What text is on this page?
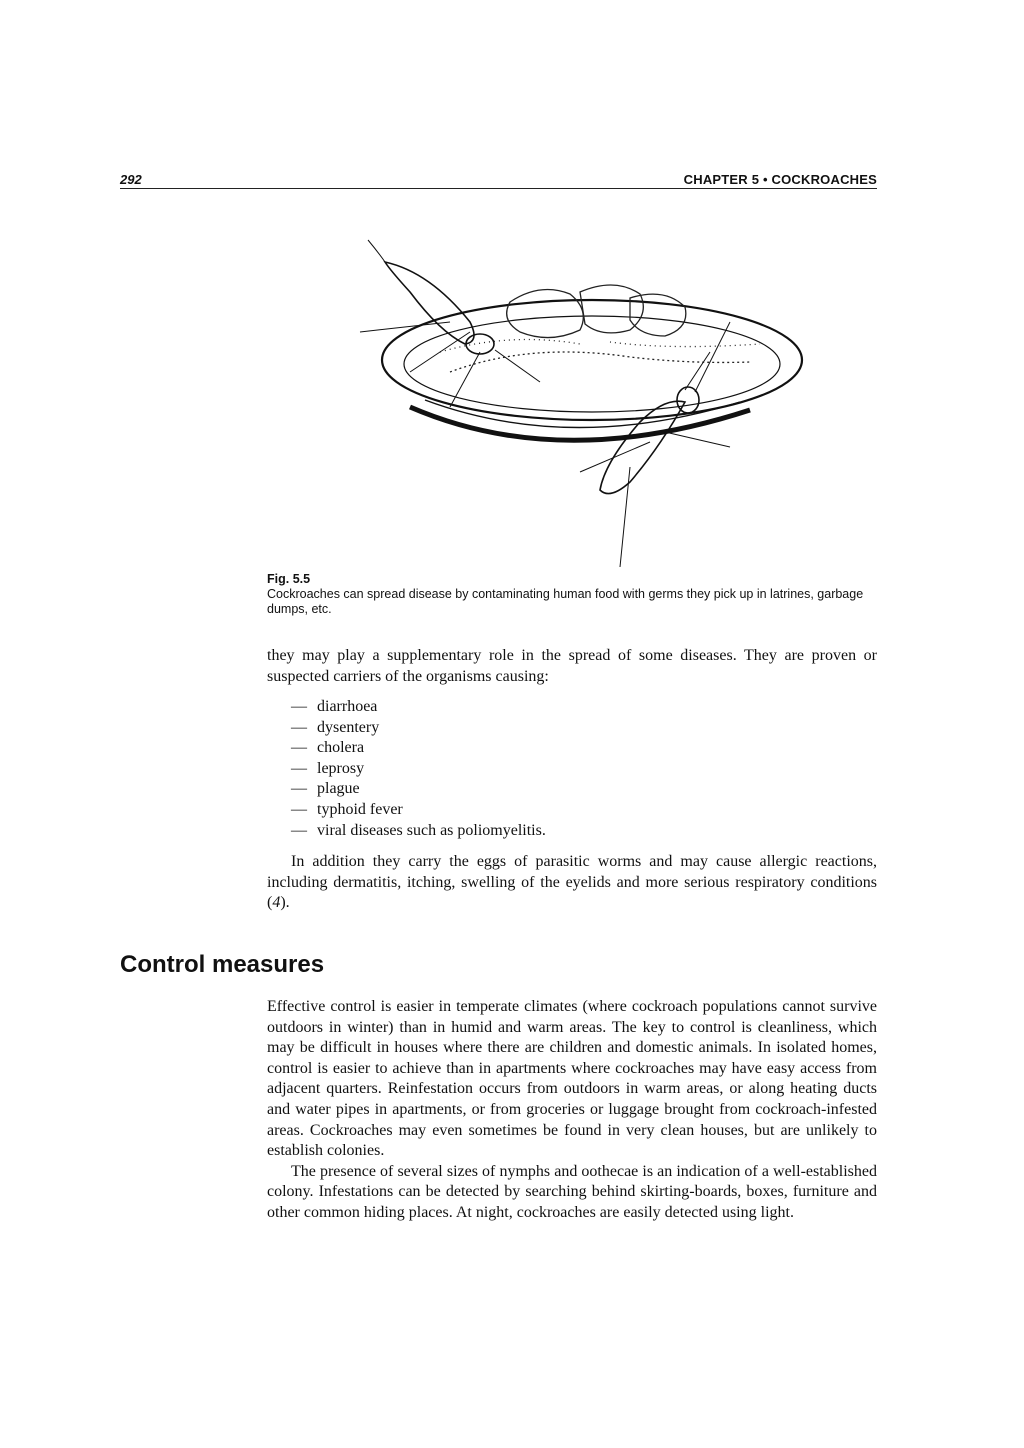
292	CHAPTER 5 • COCKROACHES
Fig. 5.5
Cockroaches can spread disease by contaminating human food with germs they pick up in latrines, garbage dumps, etc.

they may play a supplementary role in the spread of some diseases. They are proven or suspected carriers of the organisms causing:

— diarrhoea
— dysentery
— cholera
— leprosy
— plague
— typhoid fever
— viral diseases such as poliomyelitis.

In addition they carry the eggs of parasitic worms and may cause allergic reactions, including dermatitis, itching, swelling of the eyelids and more serious respiratory conditions (4).

Control measures

Effective control is easier in temperate climates (where cockroach populations cannot survive outdoors in winter) than in humid and warm areas. The key to control is cleanliness, which may be difficult in houses where there are children and domestic animals. In isolated homes, control is easier to achieve than in apartments where cockroaches may have easy access from adjacent quarters. Reinfestation occurs from outdoors in warm areas, or along heating ducts and water pipes in apartments, or from groceries or luggage brought from cockroach-infested areas. Cockroaches may even sometimes be found in very clean houses, but are unlikely to establish colonies.

The presence of several sizes of nymphs and oothecae is an indication of a well-established colony. Infestations can be detected by searching behind skirting-boards, boxes, furniture and other common hiding places. At night, cockroaches are easily detected using light.
